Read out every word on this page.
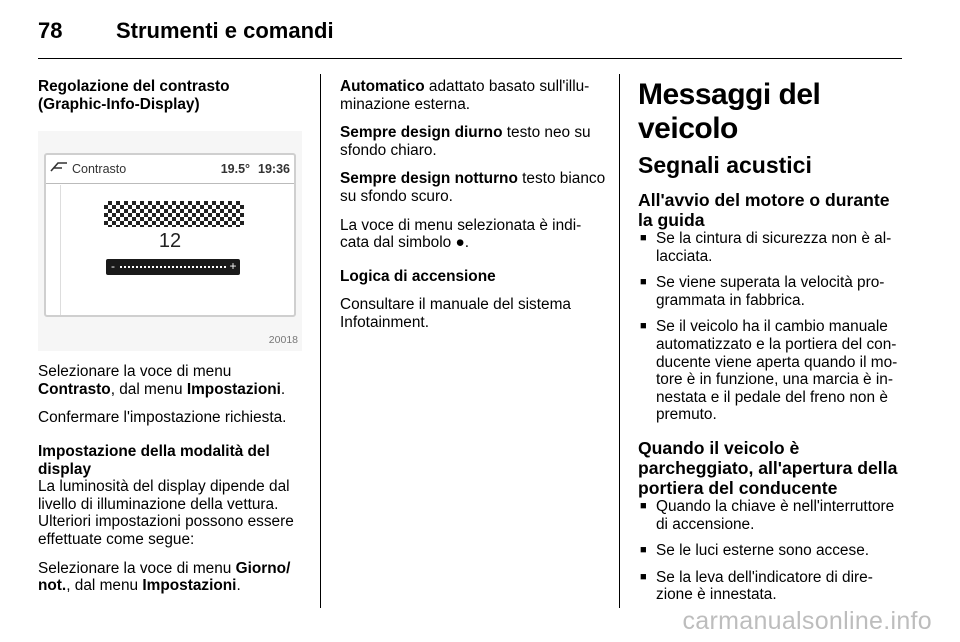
78	Strumenti e comandi

Regolazione del contrasto
(Graphic-Info-Display)

Contrasto	19.5° 19:36
12
-	+
20018

Selezionare la voce di menu
Contrasto, dal menu Impostazioni.

Confermare l'impostazione richiesta.

Impostazione della modalità del
display

La luminosità del display dipende dal livello di illuminazione della vettura. Ulteriori impostazioni possono essere effettuate come segue:

Selezionare la voce di menu Giorno/ not., dal menu Impostazioni.

Automatico adattato basato sull'illu- minazione esterna.

Sempre design diurno testo neo su sfondo chiaro.

Sempre design notturno testo bianco su sfondo scuro.

La voce di menu selezionata è indi- cata dal simbolo ●.

Logica di accensione

Consultare il manuale del sistema Infotainment.

Messaggi del veicolo
Segnali acustici
All'avvio del motore o durante la guida
■ Se la cintura di sicurezza non è al- lacciata.
■ Se viene superata la velocità pro- grammata in fabbrica.
■ Se il veicolo ha il cambio manuale automatizzato e la portiera del con- ducente viene aperta quando il mo- tore è in funzione, una marcia è in- nestata e il pedale del freno non è premuto.
Quando il veicolo è parcheggiato, all'apertura della portiera del conducente
■ Quando la chiave è nell'interruttore di accensione.
■ Se le luci esterne sono accese.
■ Se la leva dell'indicatore di dire- zione è innestata.
carmanualsonline.info
